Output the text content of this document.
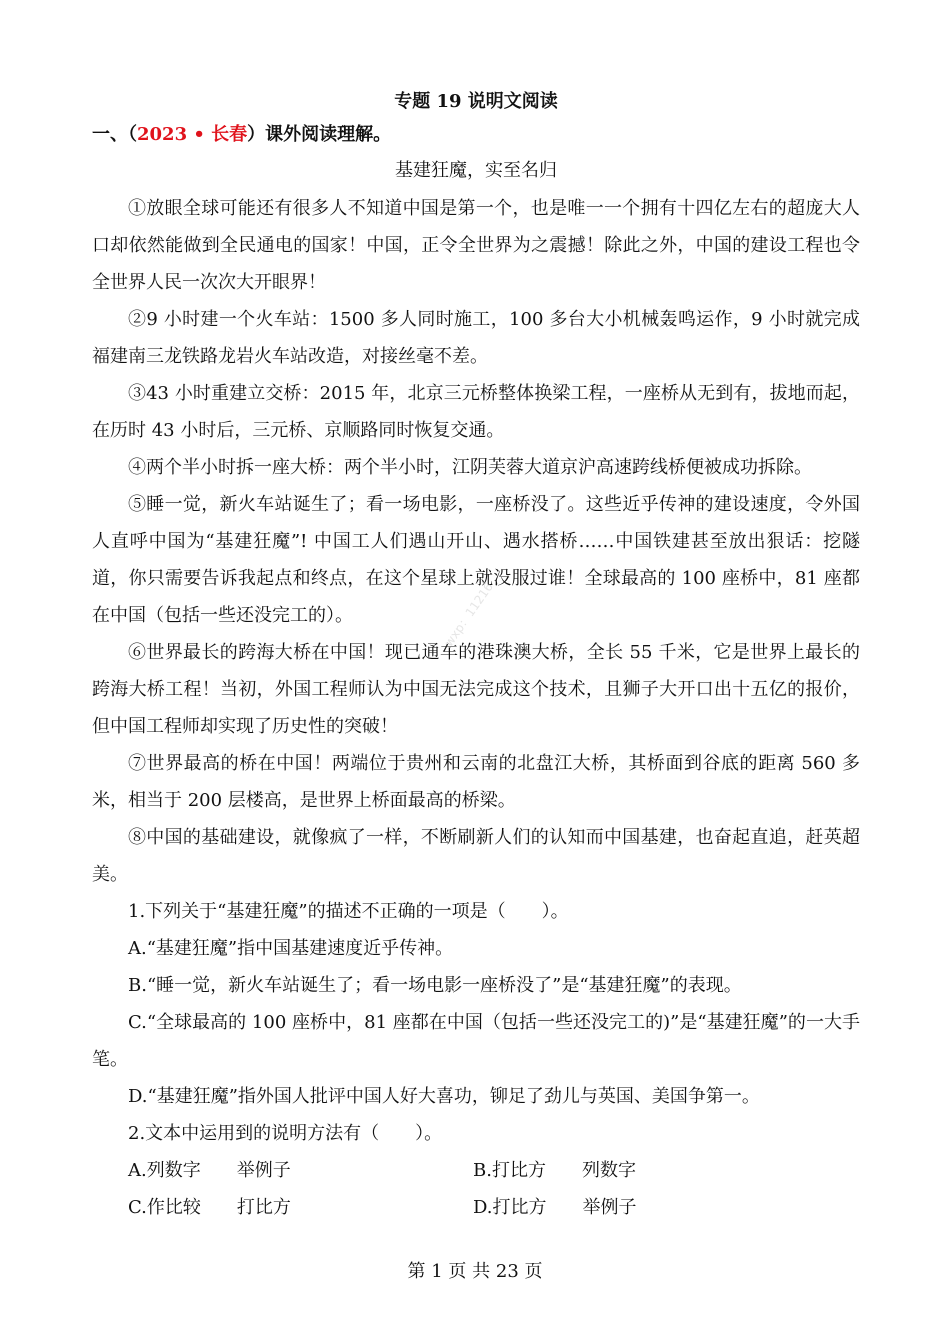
专题 19 说明文阅读
一、（2023 • 长春）课外阅读理解。
基建狂魔，实至名归

①放眼全球可能还有很多人不知道中国是第一个，也是唯一一个拥有十四亿左右的超庞大人口却依然能做到全民通电的国家！中国，正令全世界为之震撼！除此之外，中国的建设工程也令全世界人民一次次大开眼界！

②9 小时建一个火车站：1500 多人同时施工，100 多台大小机械轰鸣运作，9 小时就完成福建南三龙铁路龙岩火车站改造，对接丝毫不差。

③43 小时重建立交桥：2015 年，北京三元桥整体换梁工程，一座桥从无到有，拔地而起，在历时 43 小时后，三元桥、京顺路同时恢复交通。

④两个半小时拆一座大桥：两个半小时，江阴芙蓉大道京沪高速跨线桥便被成功拆除。

⑤睡一觉，新火车站诞生了；看一场电影，一座桥没了。这些近乎传神的建设速度，令外国人直呼中国为“基建狂魔”! 中国工人们遇山开山、遇水搭桥……中国铁建甚至放出狠话：挖隧道，你只需要告诉我起点和终点，在这个星球上就没服过谁！全球最高的 100 座桥中，81 座都在中国（包括一些还没完工的）。

⑥世界最长的跨海大桥在中国！现已通车的港珠澳大桥，全长 55 千米，它是世界上最长的跨海大桥工程！当初，外国工程师认为中国无法完成这个技术，且狮子大开口出十五亿的报价，但中国工程师却实现了历史性的突破！

⑦世界最高的桥在中国！两端位于贵州和云南的北盘江大桥，其桥面到谷底的距离 560 多米，相当于 200 层楼高，是世界上桥面最高的桥梁。

⑧中国的基础建设，就像疯了一样，不断刷新人们的认知而中国基建，也奋起直追，赶英超美。

1.下列关于“基建狂魔”的描述不正确的一项是（　　）。

A.“基建狂魔”指中国基建速度近乎传神。

B.“睡一觉，新火车站诞生了；看一场电影一座桥没了”是“基建狂魔”的表现。

C.“全球最高的 100 座桥中，81 座都在中国（包括一些还没完工的)”是“基建狂魔”的一大手笔。

D.“基建狂魔”指外国人批评中国人好大喜功，铆足了劲儿与英国、美国争第一。

2.文本中运用到的说明方法有（　　）。

A.列数字　　举例子	B.打比方　　列数字
C.作比较　　打比方	D.打比方　　举例子
wxp：11216
第 1 页 共 23 页
